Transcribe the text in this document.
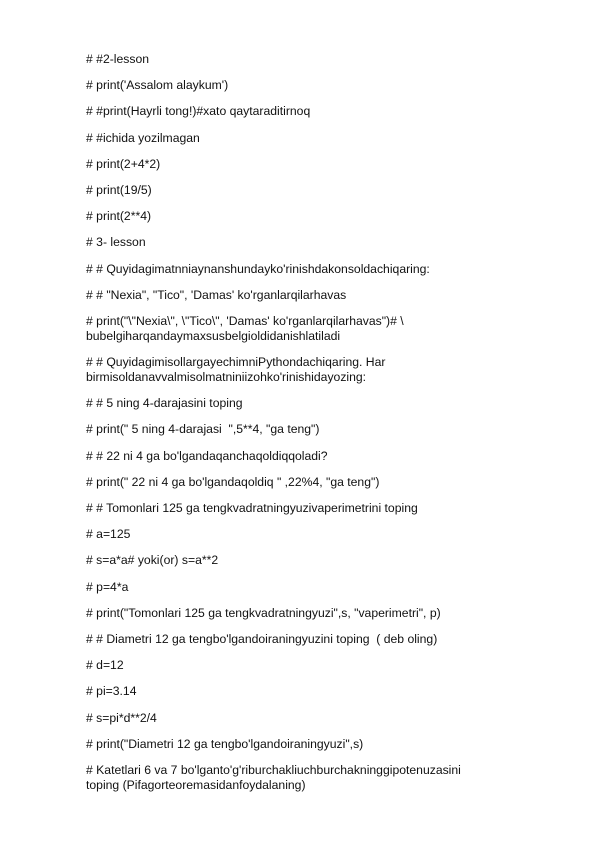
# #2-lesson

# print('Assalom alaykum')

# #print(Hayrli tong!)#xato qaytaraditirnoq

# #ichida yozilmagan

# print(2+4*2)

# print(19/5)

# print(2**4)

# 3- lesson

# # Quyidagimatnniaynanshundayko'rinishdakonsoldachiqaring:

# # "Nexia", "Tico", 'Damas' ko'rganlarqilarhavas

# print("\"Nexia\", \"Tico\", 'Damas' ko'rganlarqilarhavas")# \
bubelgiharqandaymaxsusbelgioldidanishlatiladi

# # QuyidagimisollargayechimniPythondachiqaring. Har
birmisoldanavvalmisolmatniniizohko'rinishidayozing:

# # 5 ning 4-darajasini toping

# print(" 5 ning 4-darajasi  ",5**4, "ga teng")

# # 22 ni 4 ga bo'lgandaqanchaqoldiqqoladi?

# print(" 22 ni 4 ga bo'lgandaqoldiq " ,22%4, "ga teng")

# # Tomonlari 125 ga tengkvadratningyuzivaperimetrini toping

# a=125

# s=a*a# yoki(or) s=a**2

# p=4*a

# print("Tomonlari 125 ga tengkvadratningyuzi",s, "vaperimetri", p)

# # Diametri 12 ga tengbo'lgandoiraningyuzini toping  ( deb oling)

# d=12

# pi=3.14

# s=pi*d**2/4

# print("Diametri 12 ga tengbo'lgandoiraningyuzi",s)

# Katetlari 6 va 7 bo'lganto'g'riburchakliuchburchakninggipotenuzasini
toping (Pifagorteoremasidanfoydalaning)
